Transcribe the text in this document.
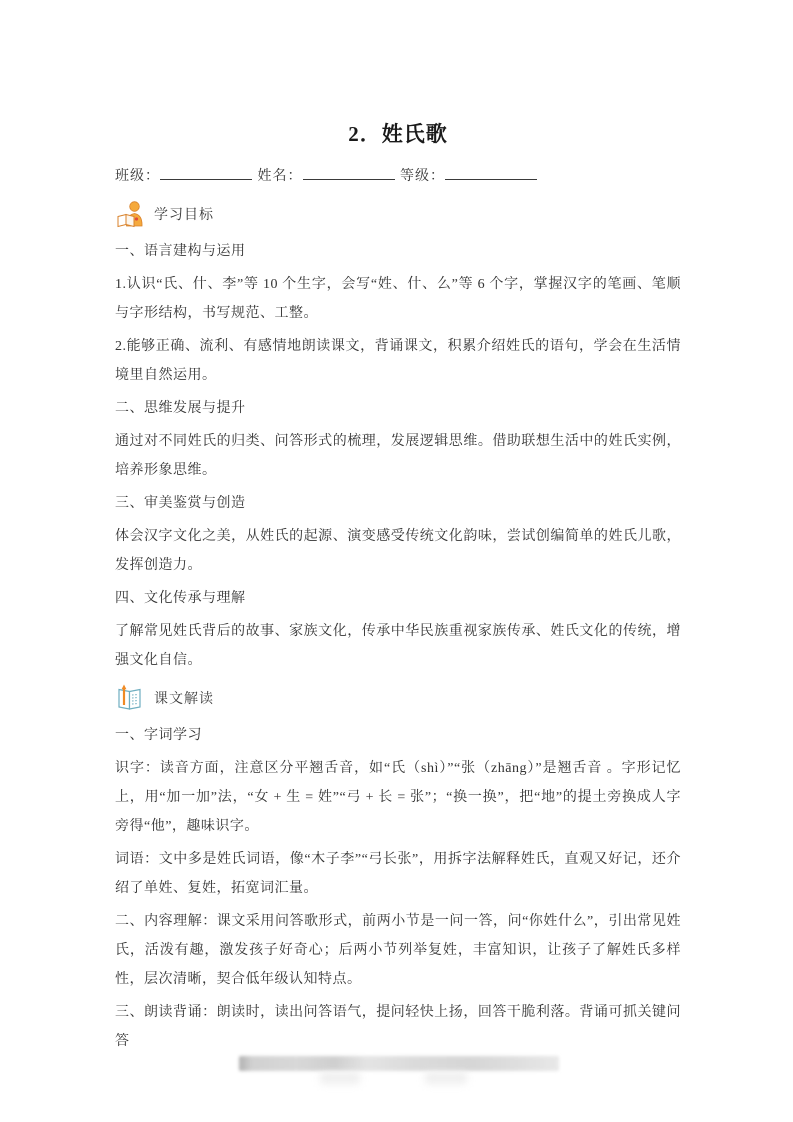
2．姓氏歌
班级：	姓名：	等级：
学习目标

一、语言建构与运用

1.认识“氏、什、李”等 10 个生字，会写“姓、什、么”等 6 个字，掌握汉字的笔画、笔顺与字形结构，书写规范、工整。

2.能够正确、流利、有感情地朗读课文，背诵课文，积累介绍姓氏的语句，学会在生活情境里自然运用。

二、思维发展与提升

通过对不同姓氏的归类、问答形式的梳理，发展逻辑思维。借助联想生活中的姓氏实例，培养形象思维。

三、审美鉴赏与创造

体会汉字文化之美，从姓氏的起源、演变感受传统文化韵味，尝试创编简单的姓氏儿歌，发挥创造力。

四、文化传承与理解

了解常见姓氏背后的故事、家族文化，传承中华民族重视家族传承、姓氏文化的传统，增强文化自信。

课文解读

一、字词学习

识字：读音方面，注意区分平翘舌音，如“氏（shì）”“张（zhāng）”是翘舌音 。字形记忆上，用“加一加”法，“女 + 生 = 姓”“弓 + 长 = 张”；“换一换”，把“地”的提土旁换成人字旁得“他”，趣味识字。

词语：文中多是姓氏词语，像“木子李”“弓长张”，用拆字法解释姓氏，直观又好记，还介绍了单姓、复姓，拓宽词汇量。

二、内容理解：课文采用问答歌形式，前两小节是一问一答，问“你姓什么”，引出常见姓氏，活泼有趣，激发孩子好奇心；后两小节列举复姓，丰富知识，让孩子了解姓氏多样性，层次清晰，契合低年级认知特点。

三、朗读背诵：朗读时，读出问答语气，提问轻快上扬，回答干脆利落。背诵可抓关键问答
